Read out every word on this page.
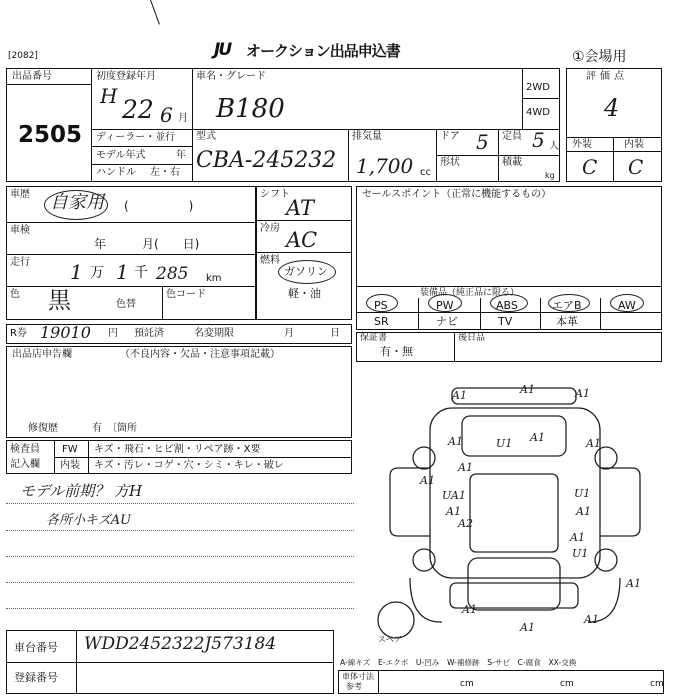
[2082]	JU オークション出品申込書	①会場用
出品番号
2505
初度登録年月
H 22 6 月
ディーラー・並行
モデル年式	年
ハンドル 左・右
車名・グレード
B180
2WD
4WD
型式
CBA-245232
排気量
1,700 cc
ドア 5 定員 5 人
形状	積載
kg
評価点
4
外装	内装
C C
車歴 自家用 (　　　　　)
車検
年　　　月(　　日)
走行 1 万 1 千 285 km
色 黒	色替
色コード
シフト
AT
冷房 AC
燃料
ガソリン
軽・油
セールスポイント（正常に機能するもの）
装備品（純正品に限る）
PS	PW	ABS	エアB	AW
SR	ナビ	TV	本革
R券 19010 円 預託済	名変期限	月	日 保証書
有・無
後日品
出品店申告欄	（不良内容・欠品・注意事項記載）
修復歴	有　〔箇所
検査員
記入欄
FW キズ・飛石・ヒビ割・リペア跡・X要
内装 キズ・汚レ・コゲ・穴・シミ・キレ・破レ
モデル前期？ 方H
各所小キズAU
スペア
A1	A1	A1
A1
A1
U1 A1	A1
A1
UA1	U1
A1
A2
A1
A1
U1
A1
A1
A1
A1
車台番号 WDD2452322J573184
登録番号
A-線キズ　E-エクボ　U-凹み　W-補修跡　S-サビ　C-腐食　XX-交換
車体寸法
参考	cm	cm	cm
